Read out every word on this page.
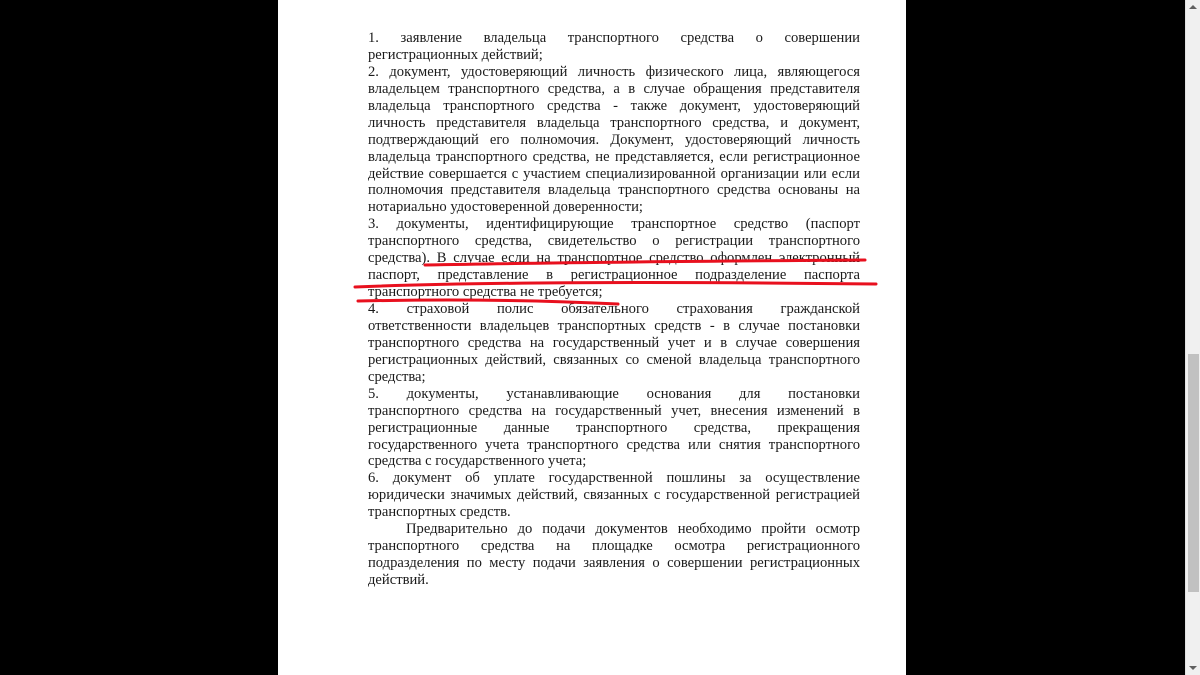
1. заявление владельца транспортного средства о совершении
регистрационных действий;
2. документ, удостоверяющий личность физического лица, являющегося
владельцем транспортного средства, а в случае обращения представителя
владельца транспортного средства - также документ, удостоверяющий
личность представителя владельца транспортного средства, и документ,
подтверждающий его полномочия. Документ, удостоверяющий личность
владельца транспортного средства, не представляется, если регистрационное
действие совершается с участием специализированной организации или если
полномочия представителя владельца транспортного средства основаны на
нотариально удостоверенной доверенности;
3. документы, идентифицирующие транспортное средство (паспорт
транспортного средства, свидетельство о регистрации транспортного
средства). В случае если на транспортное средство оформлен электронный
паспорт, представление в регистрационное подразделение паспорта
транспортного средства не требуется;
4. страховой полис обязательного страхования гражданской
ответственности владельцев транспортных средств - в случае постановки
транспортного средства на государственный учет и в случае совершения
регистрационных действий, связанных со сменой владельца транспортного
средства;
5. документы, устанавливающие основания для постановки
транспортного средства на государственный учет, внесения изменений в
регистрационные данные транспортного средства, прекращения
государственного учета транспортного средства или снятия транспортного
средства с государственного учета;
6. документ об уплате государственной пошлины за осуществление
юридически значимых действий, связанных с государственной регистрацией
транспортных средств.
Предварительно до подачи документов необходимо пройти осмотр
транспортного средства на площадке осмотра регистрационного
подразделения по месту подачи заявления о совершении регистрационных
действий.
